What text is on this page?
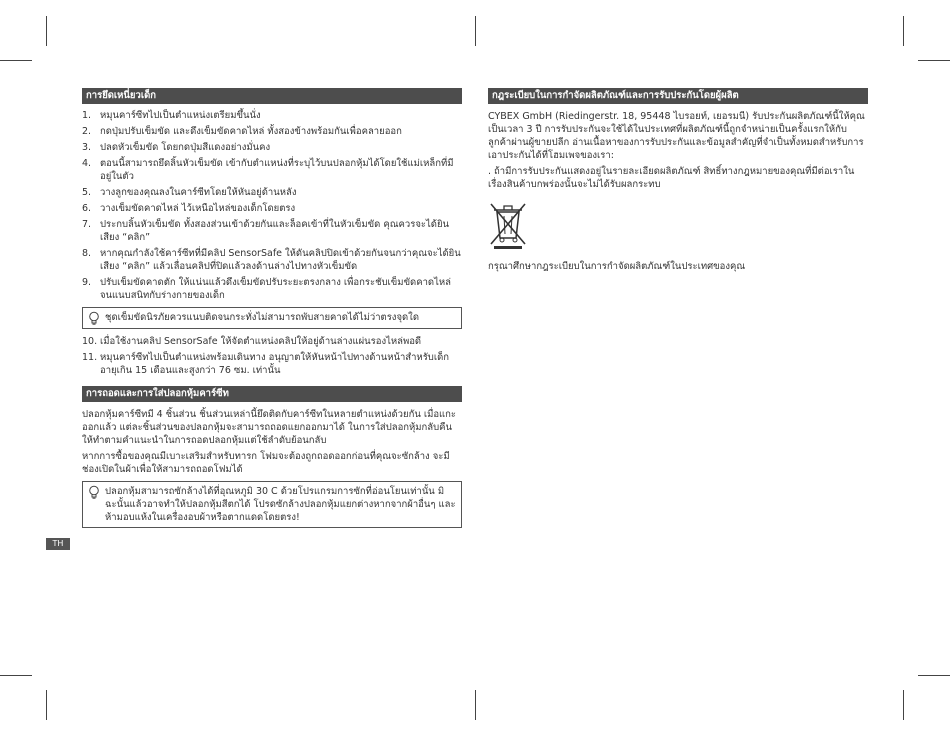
การยึดเหนี่ยวเด็ก
1. หมุนคาร์ซีทไปเป็นตำแหน่งเตรียมขึ้นนั่ง
2. กดปุ่มปรับเข็มขัด และดึงเข็มขัดคาดไหล่ ทั้งสองข้างพร้อมกันเพื่อคลายออก
3. ปลดหัวเข็มขัด โดยกดปุ่มสีแดงอย่างมั่นคง
4. ตอนนี้สามารถยึดลิ้นหัวเข็มขัด เข้ากับตำแหน่งที่ระบุไว้บนปลอกหุ้มได้โดยใช้แม่เหล็กที่มีอยู่ในตัว
5. วางลูกของคุณลงในคาร์ซีทโดยให้หันอยู่ด้านหลัง
6. วางเข็มขัดคาดไหล่ ไว้เหนือไหล่ของเด็กโดยตรง
7. ประกบลิ้นหัวเข็มขัด ทั้งสองส่วนเข้าด้วยกันและล็อคเข้าที่ในหัวเข็มขัด คุณควรจะได้ยินเสียง “คลิก”
8. หากคุณกำลังใช้คาร์ซีทที่มีคลิป SensorSafe ให้ดันคลิปปิดเข้าด้วยกันจนกว่าคุณจะได้ยินเสียง “คลิก” แล้วเลื่อนคลิปที่ปิดแล้วลงด้านล่างไปทางหัวเข็มขัด
9. ปรับเข็มขัดคาดตัก ให้แน่นแล้วดึงเข็มขัดปรับระยะตรงกลาง เพื่อกระชับเข็มขัดคาดไหล่ จนแนบสนิทกับร่างกายของเด็ก
ชุดเข็มขัดนิรภัยควรแนบติดจนกระทั่งไม่สามารถพับสายคาดได้ไม่ว่าตรงจุดใด
10. เมื่อใช้งานคลิป SensorSafe ให้จัดตำแหน่งคลิปให้อยู่ด้านล่างแผ่นรองไหล่พอดี
11. หมุนคาร์ซีทไปเป็นตำแหน่งพร้อมเดินทาง อนุญาตให้หันหน้าไปทางด้านหน้าสำหรับเด็กอายุเกิน 15 เดือนและสูงกว่า 76 ซม. เท่านั้น
การถอดและการใส่ปลอกหุ้มคาร์ซีท

ปลอกหุ้มคาร์ซีทมี 4 ชิ้นส่วน ชิ้นส่วนเหล่านี้ยึดติดกับคาร์ซีทในหลายตำแหน่งด้วยกัน เมื่อแกะออกแล้ว แต่ละชิ้นส่วนของปลอกหุ้มจะสามารถถอดแยกออกมาได้ ในการใส่ปลอกหุ้มกลับคืน ให้ทำตามคำแนะนำในการถอดปลอกหุ้มแต่ใช้ลำดับย้อนกลับ

หากการซื้อของคุณมีเบาะเสริมสำหรับทารก โฟมจะต้องถูกถอดออกก่อนที่คุณจะซักล้าง จะมีช่องเปิดในผ้าเพื่อให้สามารถถอดโฟมได้

ปลอกหุ้มสามารถซักล้างได้ที่อุณหภูมิ 30 C ด้วยโปรแกรมการซักที่อ่อนโยนเท่านั้น มิฉะนั้นแล้วอาจทำให้ปลอกหุ้มสีตกได้ โปรดซักล้างปลอกหุ้มแยกต่างหากจากผ้าอื่นๆ และห้ามอบแห้งในเครื่องอบผ้าหรือตากแดดโดยตรง!
TH
กฎระเบียบในการกำจัดผลิตภัณฑ์และการรับประกันโดยผู้ผลิต

CYBEX GmbH (Riedingerstr. 18, 95448 ไบรอยท์, เยอรมนี) รับประกันผลิตภัณฑ์นี้ให้คุณเป็นเวลา 3 ปี การรับประกันจะใช้ได้ในประเทศที่ผลิตภัณฑ์นี้ถูกจำหน่ายเป็นครั้งแรกให้กับลูกค้าผ่านผู้ขายปลีก อ่านเนื้อหาของการรับประกันและข้อมูลสำคัญที่จำเป็นทั้งหมดสำหรับการเอาประกันได้ที่โฮมเพจของเรา:

. ถ้ามีการรับประกันแสดงอยู่ในรายละเอียดผลิตภัณฑ์ สิทธิ์ทางกฎหมายของคุณที่มีต่อเราในเรื่องสินค้าบกพร่องนั้นจะไม่ได้รับผลกระทบ

กรุณาศึกษากฎระเบียบในการกำจัดผลิตภัณฑ์ในประเทศของคุณ
